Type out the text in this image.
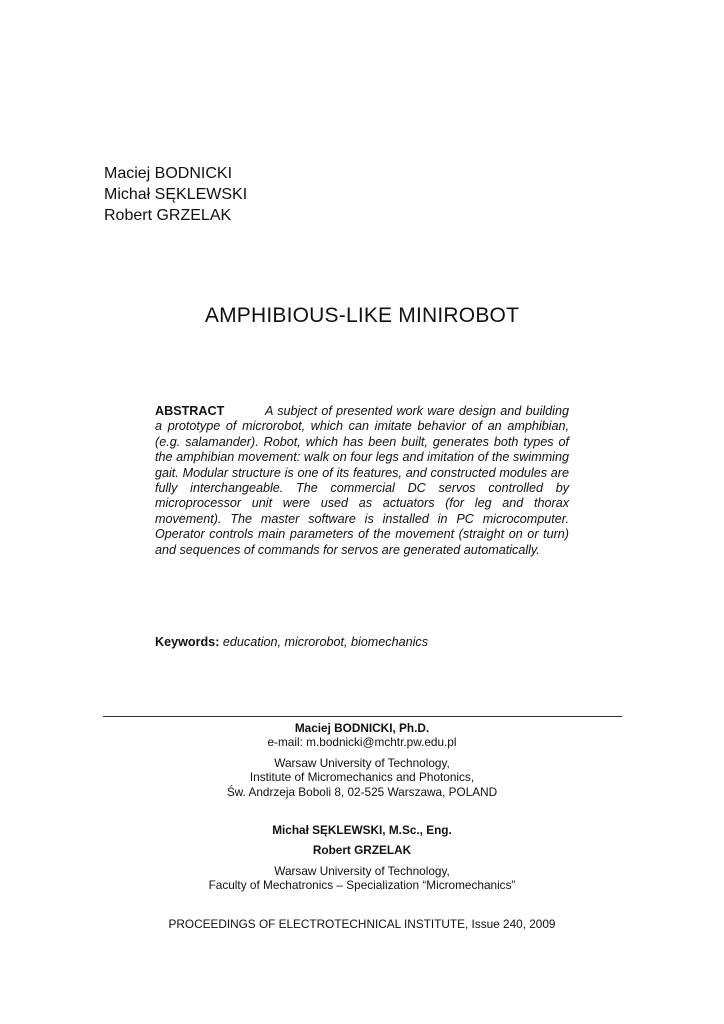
Maciej BODNICKI
Michał SĘKLEWSKI
Robert GRZELAK
AMPHIBIOUS-LIKE MINIROBOT
ABSTRACT	A subject of presented work ware design and building a prototype of microrobot, which can imitate behavior of an amphibian, (e.g. salamander). Robot, which has been built, generates both types of the amphibian movement: walk on four legs and imitation of the swimming gait. Modular structure is one of its features, and constructed modules are fully interchangeable. The commercial DC servos controlled by microprocessor unit were used as actuators (for leg and thorax movement). The master software is installed in PC microcomputer. Operator controls main parameters of the movement (straight on or turn) and sequences of commands for servos are generated automatically.
Keywords: education, microrobot, biomechanics
Maciej BODNICKI, Ph.D.
e-mail: m.bodnicki@mchtr.pw.edu.pl
Warsaw University of Technology,
Institute of Micromechanics and Photonics,
Św. Andrzeja Boboli 8, 02-525 Warszawa, POLAND
Michał SĘKLEWSKI, M.Sc., Eng.
Robert GRZELAK
Warsaw University of Technology,
Faculty of Mechatronics – Specialization “Micromechanics”
PROCEEDINGS OF ELECTROTECHNICAL INSTITUTE, Issue 240, 2009
